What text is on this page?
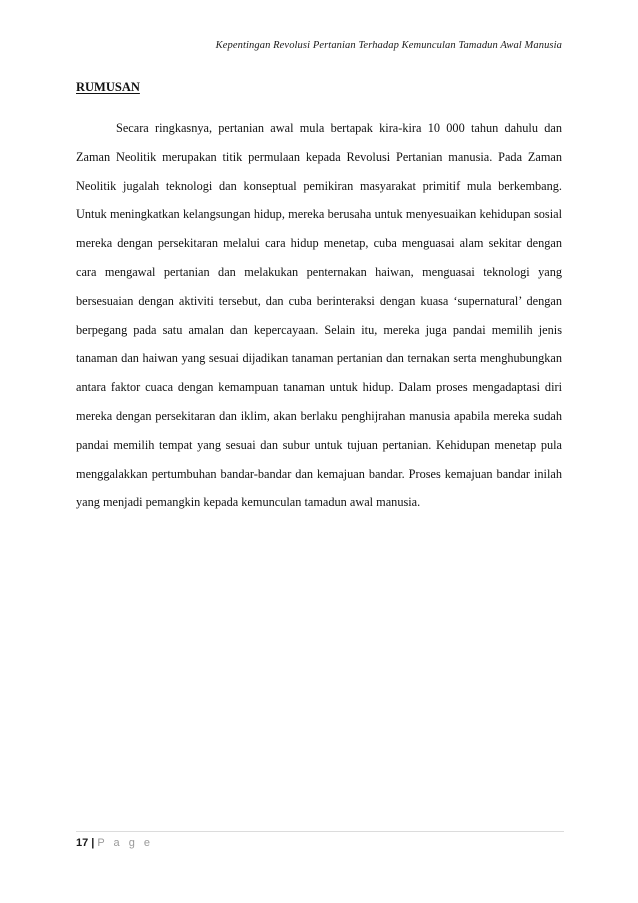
Kepentingan Revolusi Pertanian Terhadap Kemunculan Tamadun Awal Manusia
RUMUSAN

Secara ringkasnya, pertanian awal mula bertapak kira-kira 10 000 tahun dahulu dan Zaman Neolitik merupakan titik permulaan kepada Revolusi Pertanian manusia. Pada Zaman Neolitik jugalah teknologi dan konseptual pemikiran masyarakat primitif mula berkembang. Untuk meningkatkan kelangsungan hidup, mereka berusaha untuk menyesuaikan kehidupan sosial mereka dengan persekitaran melalui cara hidup menetap, cuba menguasai alam sekitar dengan cara mengawal pertanian dan melakukan penternakan haiwan, menguasai teknologi yang bersesuaian dengan aktiviti tersebut, dan cuba berinteraksi dengan kuasa ‘supernatural’ dengan berpegang pada satu amalan dan kepercayaan. Selain itu, mereka juga pandai memilih jenis tanaman dan haiwan yang sesuai dijadikan tanaman pertanian dan ternakan serta menghubungkan antara faktor cuaca dengan kemampuan tanaman untuk hidup. Dalam proses mengadaptasi diri mereka dengan persekitaran dan iklim, akan berlaku penghijrahan manusia apabila mereka sudah pandai memilih tempat yang sesuai dan subur untuk tujuan pertanian. Kehidupan menetap pula menggalakkan pertumbuhan bandar-bandar dan kemajuan bandar. Proses kemajuan bandar inilah yang menjadi pemangkin kepada kemunculan tamadun awal manusia.

17 | P a g e
